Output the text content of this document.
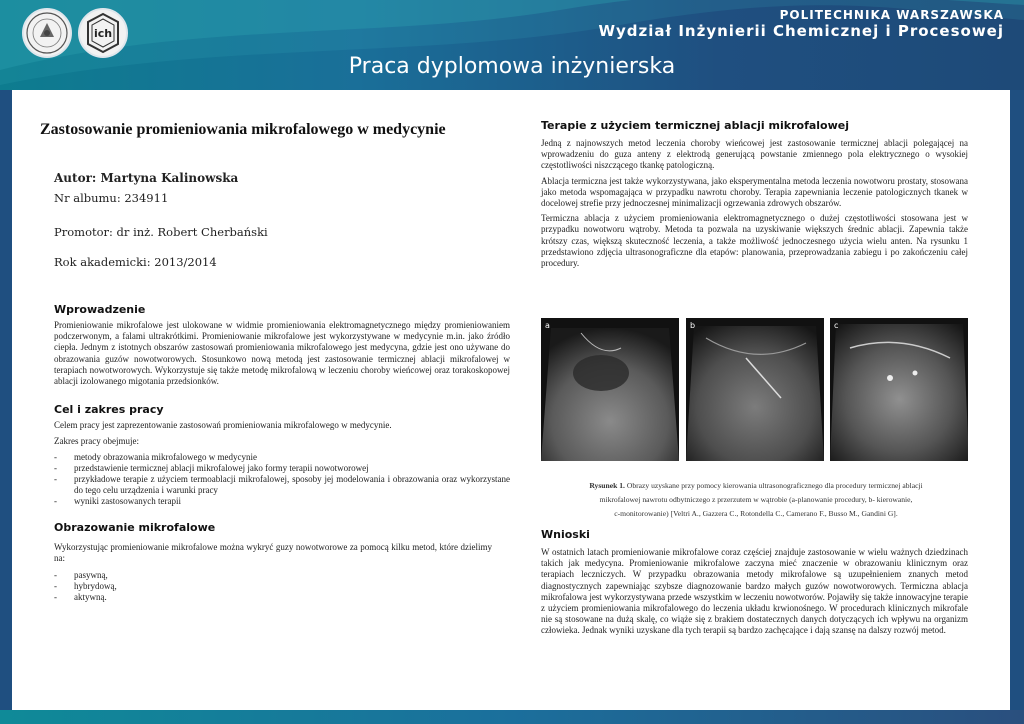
ich
POLITECHNIKA WARSZAWSKA
Wydział Inżynierii Chemicznej i Procesowej
Praca dyplomowa inżynierska
Zastosowanie promieniowania mikrofalowego w medycynie
Autor: Martyna Kalinowska
Nr albumu: 234911
Promotor: dr inż. Robert Cherbański
Rok akademicki: 2013/2014
Wprowadzenie
Promieniowanie mikrofalowe jest ulokowane w widmie promieniowania elektromagnetycznego między promieniowaniem podczerwonym, a falami ultrakrótkimi. Promieniowanie mikrofalowe jest wykorzystywane w medycynie m.in. jako źródło ciepła. Jednym z istotnych obszarów zastosowań promieniowania mikrofalowego jest medycyna, gdzie jest ono używane do obrazowania guzów nowotworowych. Stosunkowo nową metodą jest zastosowanie termicznej ablacji mikrofalowej w terapiach nowotworowych. Wykorzystuje się także metodę mikrofalową w leczeniu choroby wieńcowej oraz torakoskopowej ablacji izolowanego migotania przedsionków.
Cel i zakres pracy
Celem pracy jest zaprezentowanie zastosowań promieniowania mikrofalowego w medycynie.
Zakres pracy obejmuje:
- metody obrazowania mikrofalowego w medycynie
- przedstawienie termicznej ablacji mikrofalowej jako formy terapii nowotworowej
- przykładowe terapie z użyciem termoablacji mikrofalowej, sposoby jej modelowania i obrazowania oraz wykorzystane do tego celu urządzenia i warunki pracy
- wyniki zastosowanych terapii
Obrazowanie mikrofalowe
Wykorzystując promieniowanie mikrofalowe można wykryć guzy nowotworowe za pomocą kilku metod, które dzielimy na:
- pasywną,
- hybrydową,
- aktywną.
Terapie z użyciem termicznej ablacji mikrofalowej
Jedną z najnowszych metod leczenia choroby wieńcowej jest zastosowanie termicznej ablacji polegającej na wprowadzeniu do guza anteny z elektrodą generującą powstanie zmiennego pola elektrycznego o wysokiej częstotliwości niszczącego tkankę patologiczną.
Ablacja termiczna jest także wykorzystywana, jako eksperymentalna metoda leczenia nowotworu prostaty, stosowana jako metoda wspomagająca w przypadku nawrotu choroby. Terapia zapewniania leczenie patologicznych tkanek w docelowej strefie przy jednoczesnej minimalizacji ogrzewania zdrowych obszarów.
Termiczna ablacja z użyciem promieniowania elektromagnetycznego o dużej częstotliwości stosowana jest w przypadku nowotworu wątroby. Metoda ta pozwala na uzyskiwanie większych średnic ablacji. Zapewnia także krótszy czas, większą skuteczność leczenia, a także możliwość jednoczesnego użycia wielu anten. Na rysunku 1 przedstawiono zdjęcia ultrasonograficzne dla etapów: planowania, przeprowadzania zabiegu i po zakończeniu całej procedury.
a	b	c
Rysunek 1. Obrazy uzyskane przy pomocy kierowania ultrasonograficznego dla procedury termicznej ablacji
mikrofalowej nawrotu odbytniczego z przerzutem w wątrobie (a-planowanie procedury, b- kierowanie,
c-monitorowanie) [Veltri A., Gazzera C., Rotondella C., Camerano F., Busso M., Gandini G].
Wnioski
W ostatnich latach promieniowanie mikrofalowe coraz częściej znajduje zastosowanie w wielu ważnych dziedzinach takich jak medycyna. Promieniowanie mikrofalowe zaczyna mieć znaczenie w obrazowaniu klinicznym oraz terapiach leczniczych. W przypadku obrazowania metody mikrofalowe są uzupełnieniem znanych metod diagnostycznych zapewniając szybsze diagnozowanie bardzo małych guzów nowotworowych. Termiczna ablacja mikrofalowa jest wykorzystywana przede wszystkim w leczeniu nowotworów. Pojawiły się także innowacyjne terapie z użyciem promieniowania mikrofalowego do leczenia układu krwionośnego. W procedurach klinicznych mikrofale nie są stosowane na dużą skalę, co wiąże się z brakiem dostatecznych danych dotyczących ich wpływu na organizm człowieka. Jednak wyniki uzyskane dla tych terapii są bardzo zachęcające i dają szansę na dalszy rozwój metod.
